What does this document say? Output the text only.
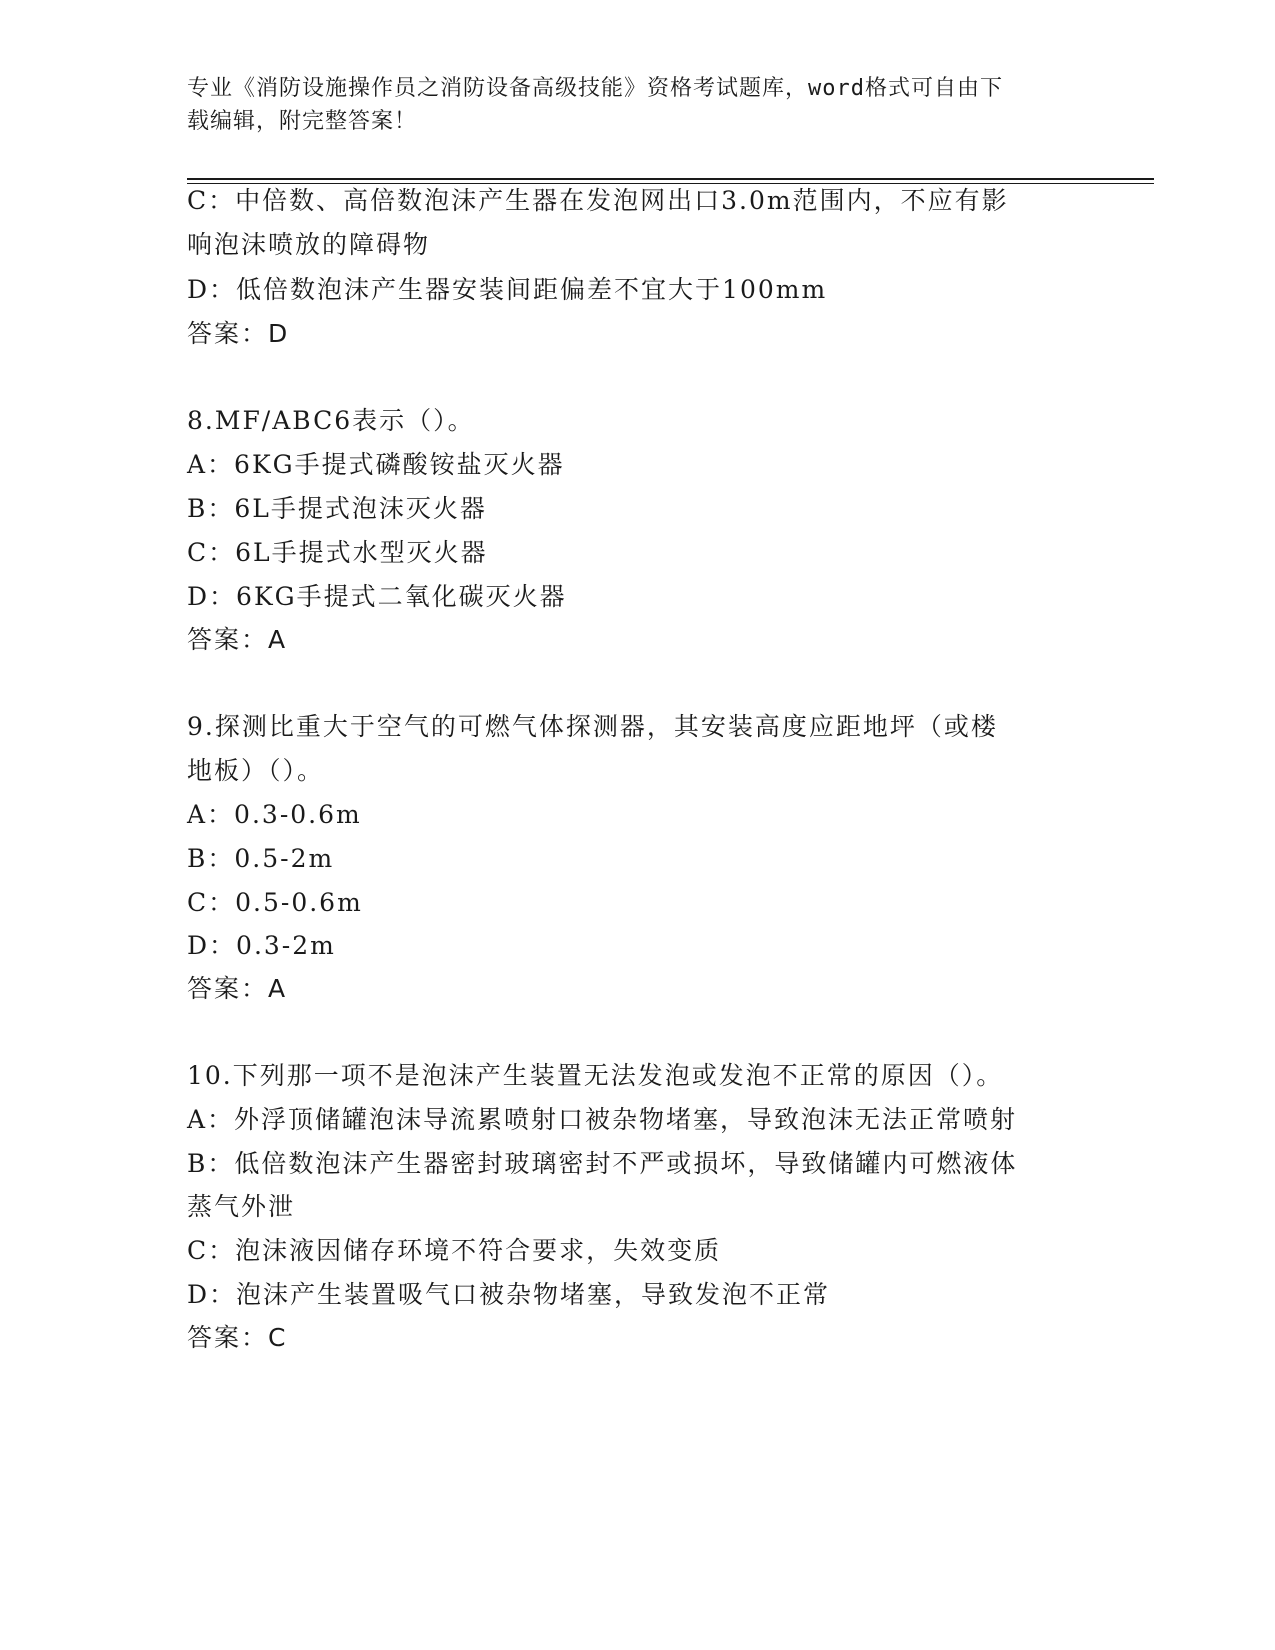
专业《消防设施操作员之消防设备高级技能》资格考试题库，word格式可自由下
载编辑，附完整答案！
C：中倍数、高倍数泡沫产生器在发泡网出口3.0m范围内，不应有影
响泡沫喷放的障碍物
D：低倍数泡沫产生器安装间距偏差不宜大于100mm
答案：D
8.MF/ABC6表示（）。
A：6KG手提式磷酸铵盐灭火器
B：6L手提式泡沫灭火器
C：6L手提式水型灭火器
D：6KG手提式二氧化碳灭火器
答案：A
9.探测比重大于空气的可燃气体探测器，其安装高度应距地坪（或楼
地板）（）。
A：0.3-0.6m
B：0.5-2m
C：0.5-0.6m
D：0.3-2m
答案：A
10.下列那一项不是泡沫产生装置无法发泡或发泡不正常的原因（）。
A：外浮顶储罐泡沫导流累喷射口被杂物堵塞，导致泡沫无法正常喷射
B：低倍数泡沫产生器密封玻璃密封不严或损坏，导致储罐内可燃液体
蒸气外泄
C：泡沫液因储存环境不符合要求，失效变质
D：泡沫产生装置吸气口被杂物堵塞，导致发泡不正常
答案：C
